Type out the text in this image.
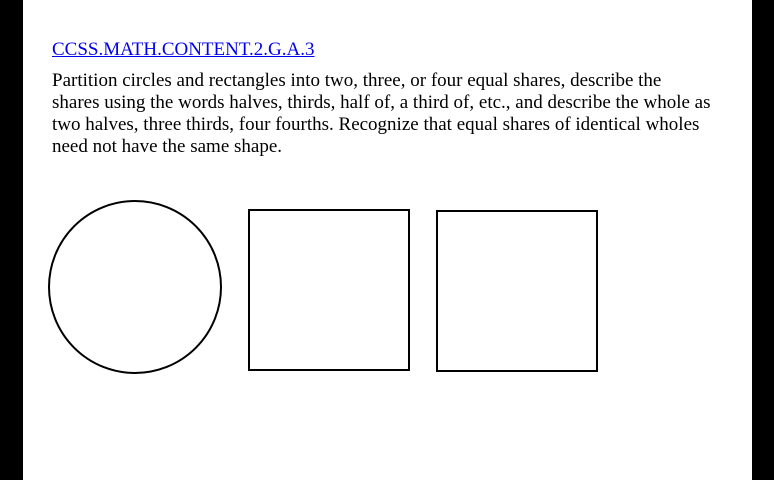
CCSS.MATH.CONTENT.2.G.A.3
Partition circles and rectangles into two, three, or four equal shares, describe the shares using the words halves, thirds, half of, a third of, etc., and describe the whole as two halves, three thirds, four fourths. Recognize that equal shares of identical wholes need not have the same shape.
